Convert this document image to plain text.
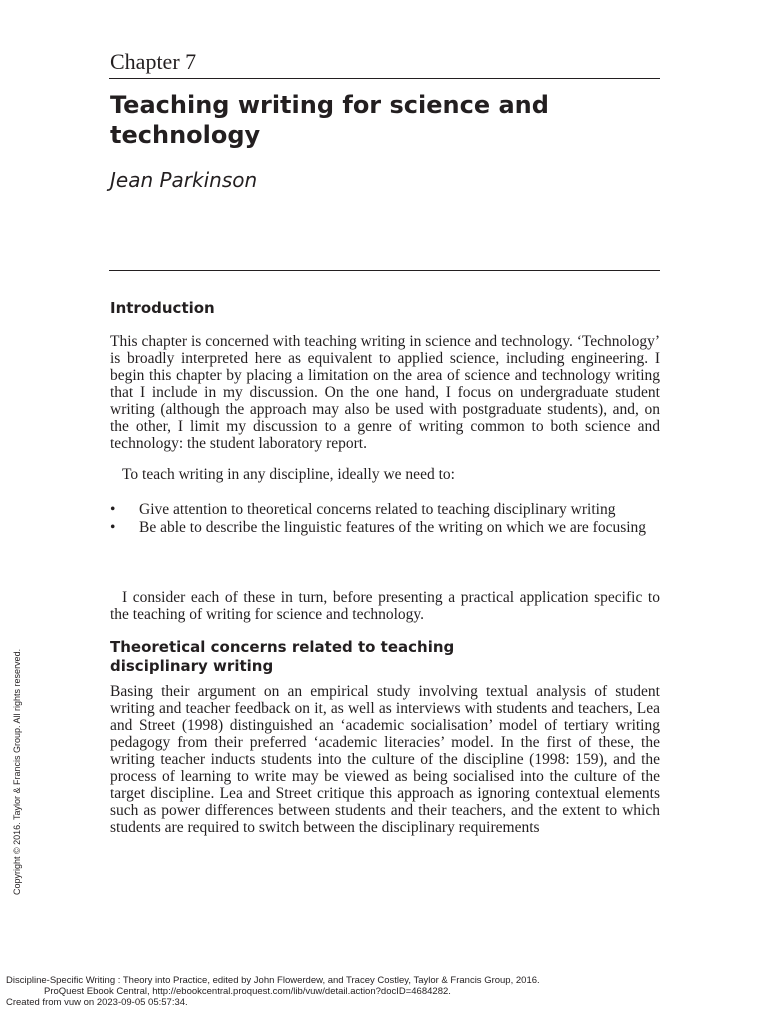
Chapter 7
Teaching writing for science and technology
Jean Parkinson
Introduction

This chapter is concerned with teaching writing in science and technology. ‘Technology’ is broadly interpreted here as equivalent to applied science, including engineering. I begin this chapter by placing a limitation on the area of science and technology writing that I include in my discussion. On the one hand, I focus on undergraduate student writing (although the approach may also be used with postgraduate students), and, on the other, I limit my discussion to a genre of writing common to both science and technology: the student laboratory report.

To teach writing in any discipline, ideally we need to:

• Give attention to theoretical concerns related to teaching disciplinary writing
• Be able to describe the linguistic features of the writing on which we are focusing

I consider each of these in turn, before presenting a practical application specific to the teaching of writing for science and technology.

Theoretical concerns related to teaching disciplinary writing

Basing their argument on an empirical study involving textual analysis of student writing and teacher feedback on it, as well as interviews with students and teachers, Lea and Street (1998) distinguished an ‘academic socialisation’ model of tertiary writing pedagogy from their preferred ‘academic literacies’ model. In the first of these, the writing teacher inducts students into the culture of the discipline (1998: 159), and the process of learning to write may be viewed as being socialised into the culture of the target discipline. Lea and Street critique this approach as ignoring contextual elements such as power differences between students and their teachers, and the extent to which students are required to switch between the disciplinary requirements

Copyright © 2016. Taylor & Francis Group. All rights reserved.
Discipline-Specific Writing : Theory into Practice, edited by John Flowerdew, and Tracey Costley, Taylor & Francis Group, 2016.
ProQuest Ebook Central, http://ebookcentral.proquest.com/lib/vuw/detail.action?docID=4684282.
Created from vuw on 2023-09-05 05:57:34.
